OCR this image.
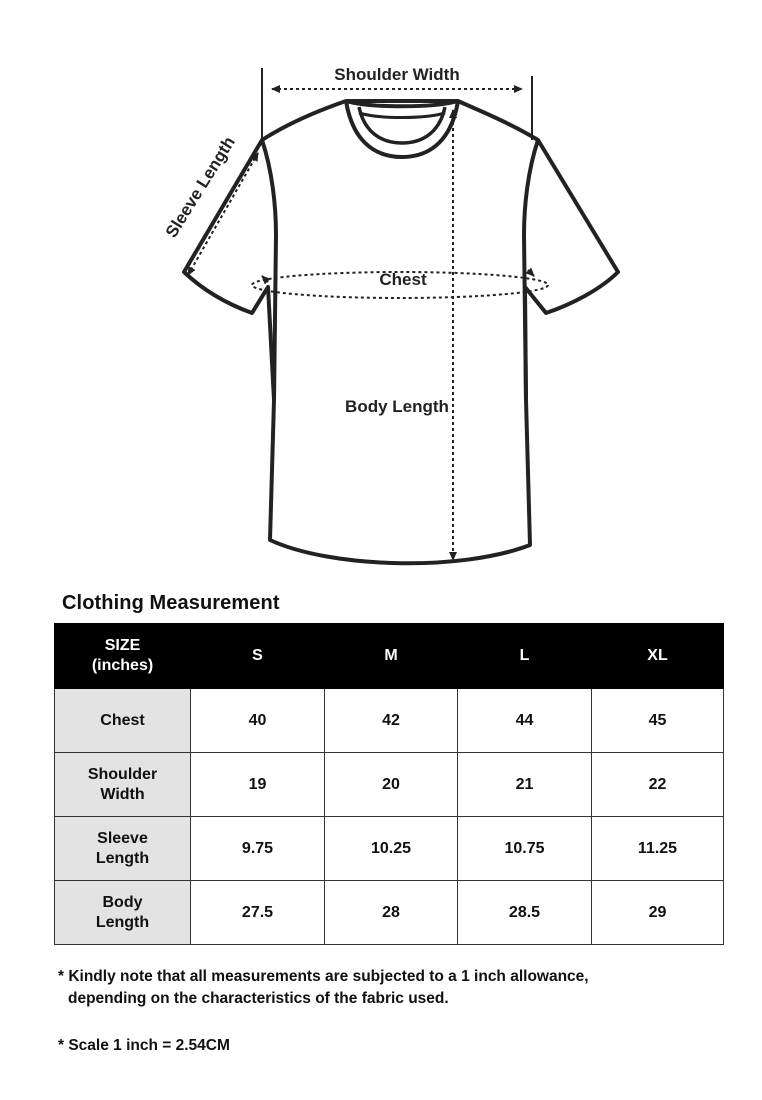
Shoulder Width
Sleeve Length
Chest
Body Length
Clothing Measurement
SIZE
(inches)	S	M	L	XL

Chest	40	42	44	45

Shoulder
Width	19	20	21	22

Sleeve
Length	9.75	10.25	10.75	11.25

Body
Length	27.5	28	28.5	29

* Kindly note that all measurements are subjected to a 1 inch allowance,
depending on the characteristics of the fabric used.

* Scale 1 inch = 2.54CM
